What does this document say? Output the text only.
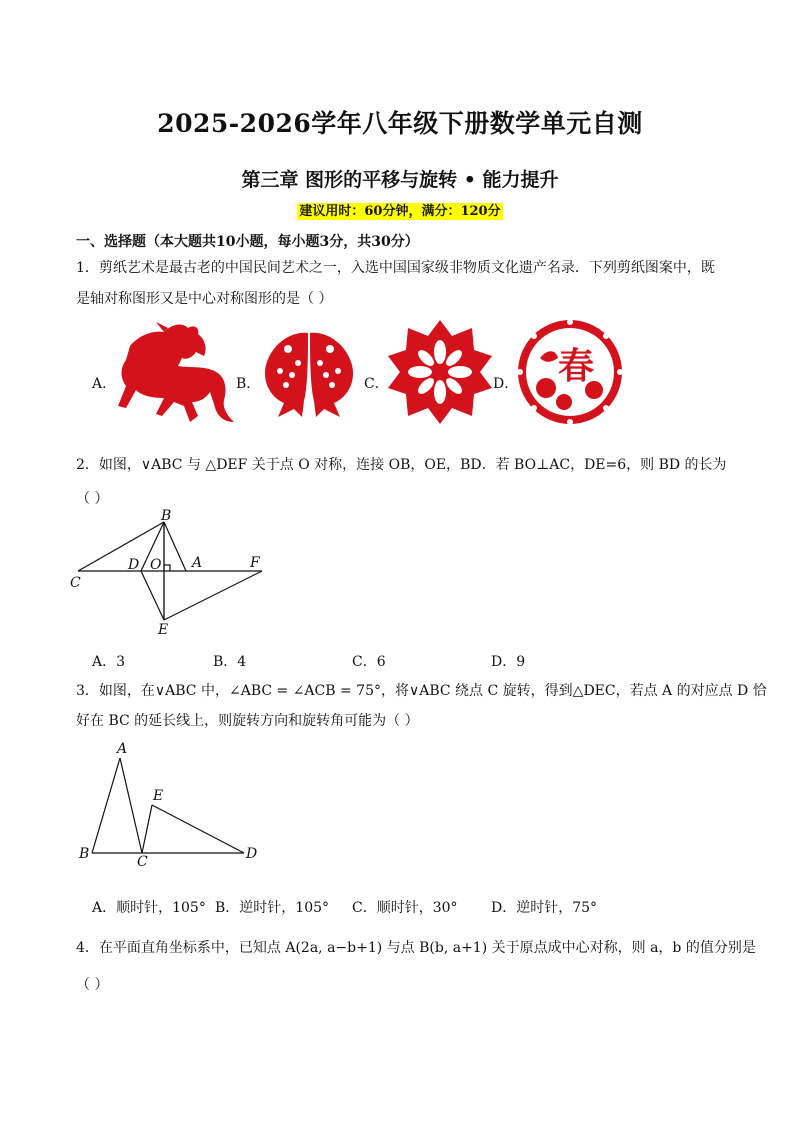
2025-2026学年八年级下册数学单元自测
第三章 图形的平移与旋转 • 能力提升
建议用时：60分钟，满分：120分
一、选择题（本大题共10小题，每小题3分，共30分）
1．剪纸艺术是最古老的中国民间艺术之一，入选中国国家级非物质文化遗产名录．下列剪纸图案中，既
是轴对称图形又是中心对称图形的是（ ）
A．	B．	C．	D． 春
2．如图，∨ABC 与 △DEF 关于点 O 对称，连接 OB，OE，BD．若 BO⊥AC，DE=6，则 BD 的长为
（ ）
B
D O A	F
C
E
A．3	B．4	C．6	D．9
3．如图，在∨ABC 中，∠ABC = ∠ACB = 75°，将∨ABC 绕点 C 旋转，得到△DEC，若点 A 的对应点 D 恰
好在 BC 的延长线上，则旋转方向和旋转角可能为（ ）
A
E
B	C	D
A．顺时针，105° B．逆时针，105° C．顺时针，30° D．逆时针，75°
4．在平面直角坐标系中，已知点 A(2a, a−b+1) 与点 B(b, a+1) 关于原点成中心对称，则 a，b 的值分别是
（ ）
